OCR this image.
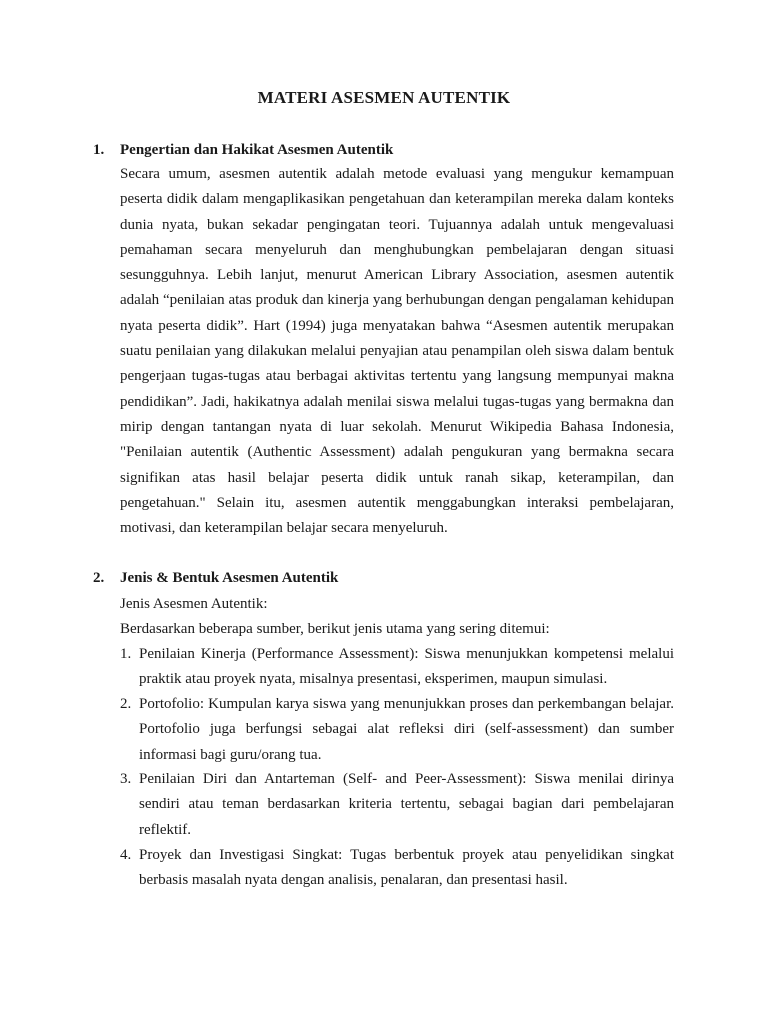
MATERI ASESMEN AUTENTIK
1. Pengertian dan Hakikat Asesmen Autentik
Secara umum, asesmen autentik adalah metode evaluasi yang mengukur kemampuan peserta didik dalam mengaplikasikan pengetahuan dan keterampilan mereka dalam konteks dunia nyata, bukan sekadar pengingatan teori. Tujuannya adalah untuk mengevaluasi pemahaman secara menyeluruh dan menghubungkan pembelajaran dengan situasi sesungguhnya. Lebih lanjut, menurut American Library Association, asesmen autentik adalah “penilaian atas produk dan kinerja yang berhubungan dengan pengalaman kehidupan nyata peserta didik”. Hart (1994) juga menyatakan bahwa “Asesmen autentik merupakan suatu penilaian yang dilakukan melalui penyajian atau penampilan oleh siswa dalam bentuk pengerjaan tugas-tugas atau berbagai aktivitas tertentu yang langsung mempunyai makna pendidikan”. Jadi, hakikatnya adalah menilai siswa melalui tugas-tugas yang bermakna dan mirip dengan tantangan nyata di luar sekolah. Menurut Wikipedia Bahasa Indonesia, "Penilaian autentik (Authentic Assessment) adalah pengukuran yang bermakna secara signifikan atas hasil belajar peserta didik untuk ranah sikap, keterampilan, dan pengetahuan." Selain itu, asesmen autentik menggabungkan interaksi pembelajaran, motivasi, dan keterampilan belajar secara menyeluruh.
2. Jenis & Bentuk Asesmen Autentik
Jenis Asesmen Autentik:
Berdasarkan beberapa sumber, berikut jenis utama yang sering ditemui:
1. Penilaian Kinerja (Performance Assessment): Siswa menunjukkan kompetensi melalui praktik atau proyek nyata, misalnya presentasi, eksperimen, maupun simulasi.
2. Portofolio: Kumpulan karya siswa yang menunjukkan proses dan perkembangan belajar. Portofolio juga berfungsi sebagai alat refleksi diri (self-assessment) dan sumber informasi bagi guru/orang tua.
3. Penilaian Diri dan Antarteman (Self- and Peer-Assessment): Siswa menilai dirinya sendiri atau teman berdasarkan kriteria tertentu, sebagai bagian dari pembelajaran reflektif.
4. Proyek dan Investigasi Singkat: Tugas berbentuk proyek atau penyelidikan singkat berbasis masalah nyata dengan analisis, penalaran, dan presentasi hasil.
